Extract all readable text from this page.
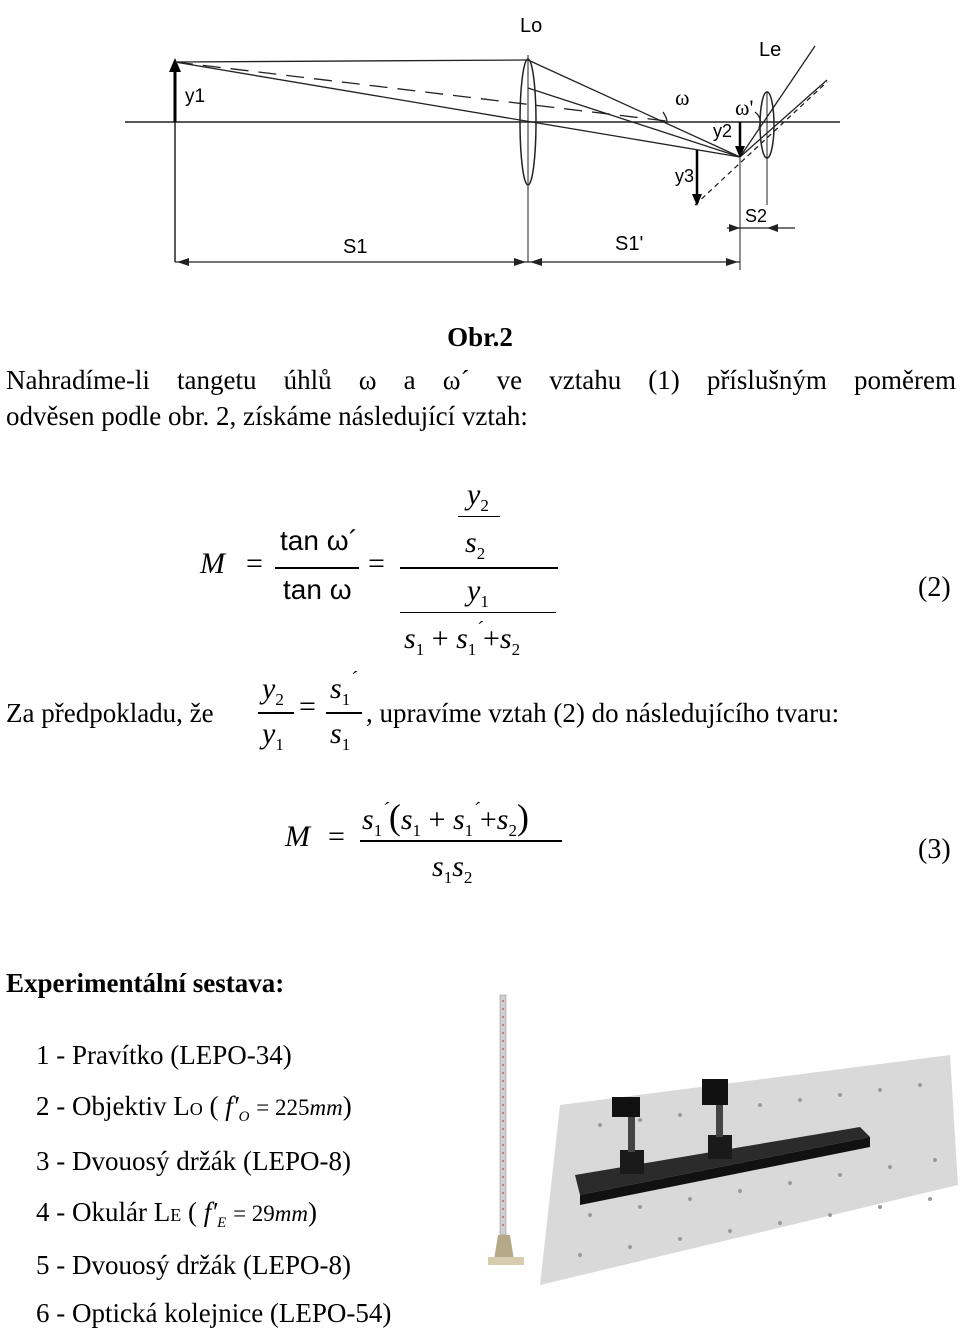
Lo
Le
y1	ω ω'
y2
y3
S2
S1	S1'
Obr.2
Nahradíme-li tangetu úhlů ω a ω´ ve vztahu (1) příslušným poměrem
odvěsen podle obr. 2, získáme následující vztah:
M =
tan ω´
tan ω
=
$y_2$
$s_2$
$y_1$
$s_1 + s_1^´+s_2$
(2)
Za předpokladu, že
$y_2$
$y_1$
=
$s_1^´$
$s_1$
, upravíme vztah (2) do následujícího tvaru:
M =
$s_1^´(s_1 + s_1^´+s_2)$
$s_1s_2$
(3)
Experimentální sestava:
1 - Pravítko (LEPO-34)
2 - Objektiv LO ( $f'_O = 225mm$)
3 - Dvouosý držák (LEPO-8)
4 - Okulár LE ( $f'_E = 29mm$)
5 - Dvouosý držák (LEPO-8)
6 - Optická kolejnice (LEPO-54)
